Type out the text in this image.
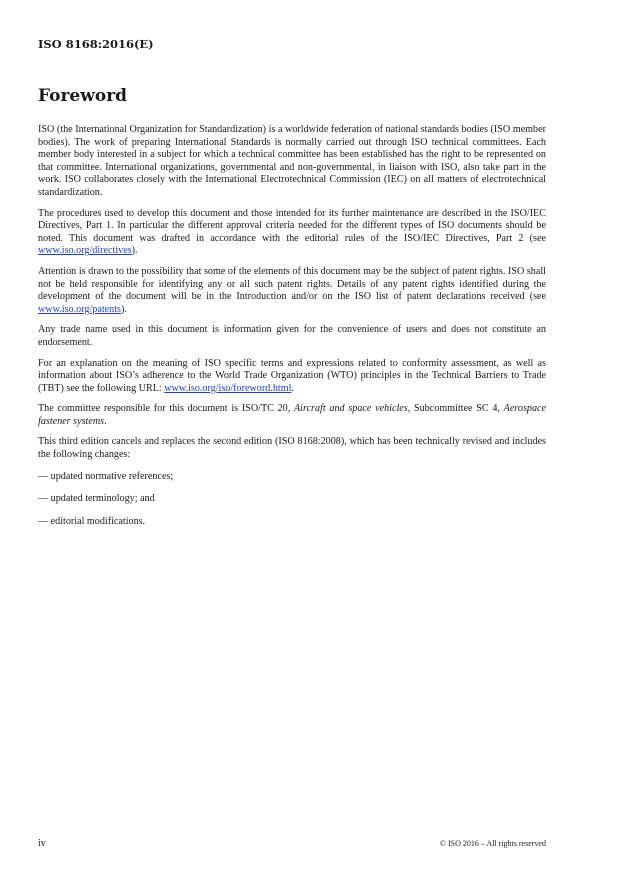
ISO 8168:2016(E)
Foreword

ISO (the International Organization for Standardization) is a worldwide federation of national standards bodies (ISO member bodies). The work of preparing International Standards is normally carried out through ISO technical committees. Each member body interested in a subject for which a technical committee has been established has the right to be represented on that committee. International organizations, governmental and non-governmental, in liaison with ISO, also take part in the work. ISO collaborates closely with the International Electrotechnical Commission (IEC) on all matters of electrotechnical standardization.

The procedures used to develop this document and those intended for its further maintenance are described in the ISO/IEC Directives, Part 1. In particular the different approval criteria needed for the different types of ISO documents should be noted. This document was drafted in accordance with the editorial rules of the ISO/IEC Directives, Part 2 (see www.iso.org/directives).

Attention is drawn to the possibility that some of the elements of this document may be the subject of patent rights. ISO shall not be held responsible for identifying any or all such patent rights. Details of any patent rights identified during the development of the document will be in the Introduction and/or on the ISO list of patent declarations received (see www.iso.org/patents).

Any trade name used in this document is information given for the convenience of users and does not constitute an endorsement.

For an explanation on the meaning of ISO specific terms and expressions related to conformity assessment, as well as information about ISO’s adherence to the World Trade Organization (WTO) principles in the Technical Barriers to Trade (TBT) see the following URL: www.iso.org/iso/foreword.html.

The committee responsible for this document is ISO/TC 20, Aircraft and space vehicles, Subcommittee SC 4, Aerospace fastener systems.

This third edition cancels and replaces the second edition (ISO 8168:2008), which has been technically revised and includes the following changes:

— updated normative references;
— updated terminology; and
— editorial modifications.
iv	© ISO 2016 – All rights reserved
